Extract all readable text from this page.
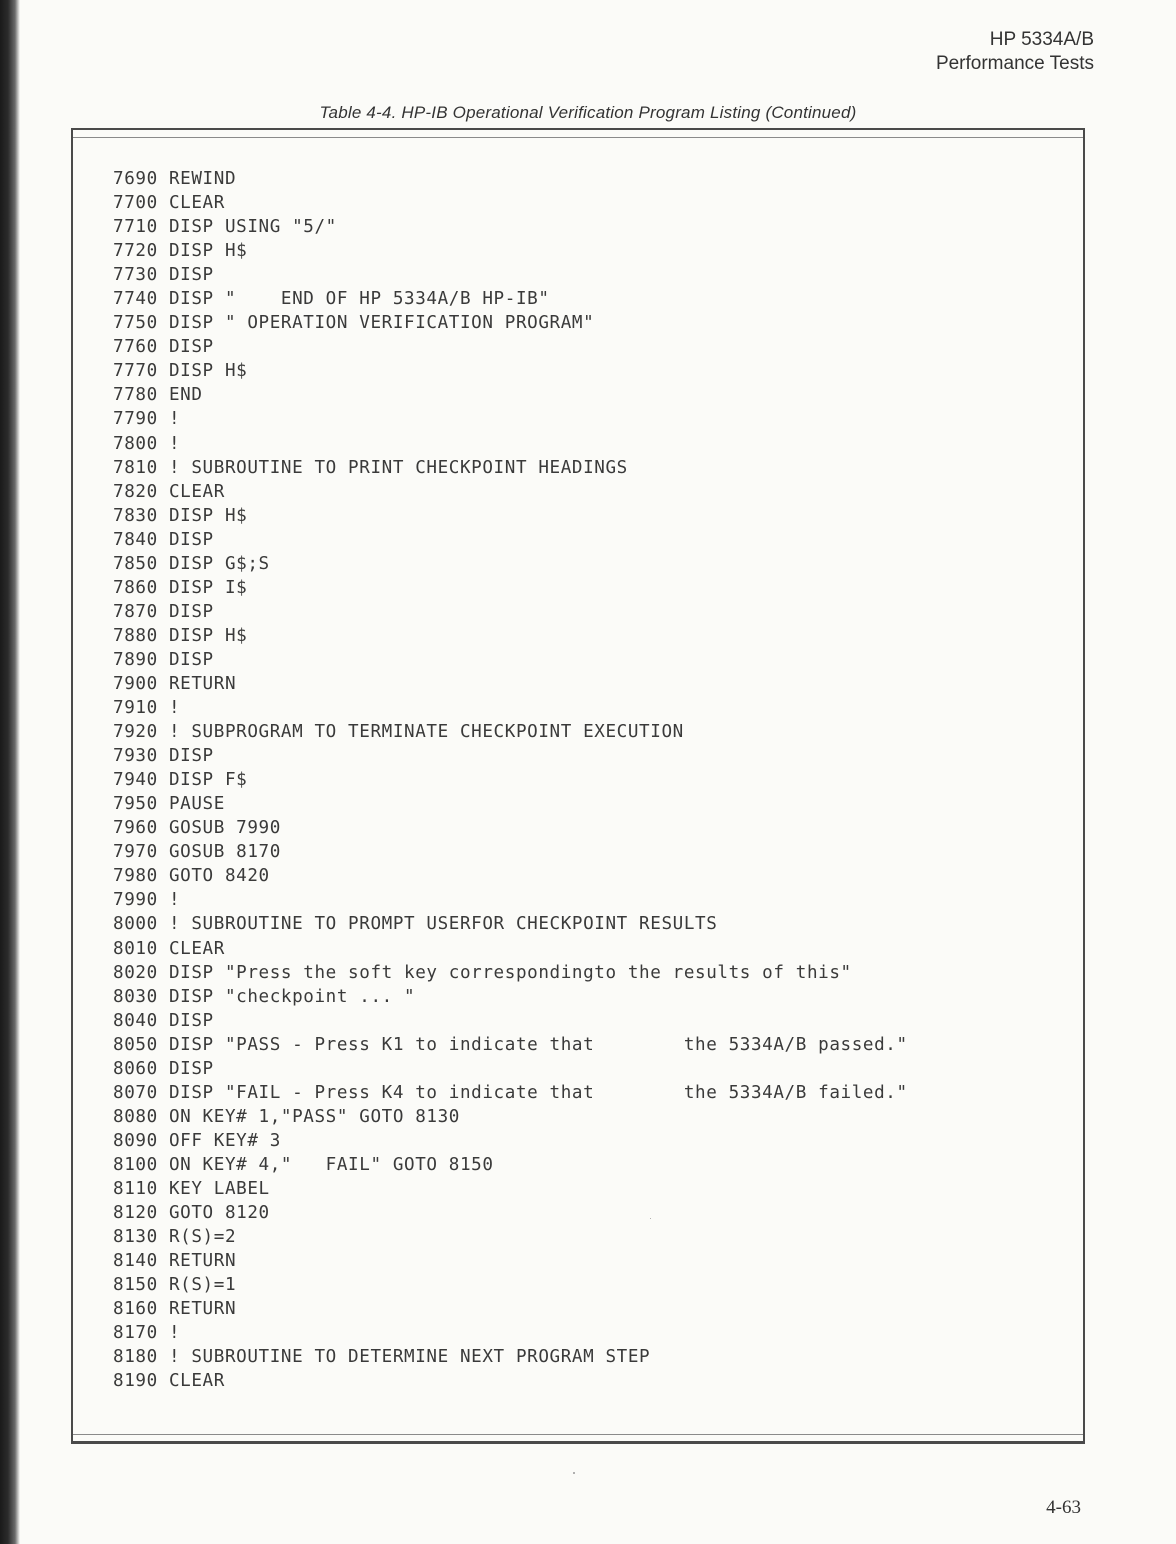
HP 5334A/B
Performance Tests
Table 4-4. HP-IB Operational Verification Program Listing (Continued)
7690 REWIND
7700 CLEAR
7710 DISP USING "5/"
7720 DISP H$
7730 DISP
7740 DISP "    END OF HP 5334A/B HP-IB"
7750 DISP " OPERATION VERIFICATION PROGRAM"
7760 DISP
7770 DISP H$
7780 END
7790 !
7800 !
7810 ! SUBROUTINE TO PRINT CHECKPOINT HEADINGS
7820 CLEAR
7830 DISP H$
7840 DISP
7850 DISP G$;S
7860 DISP I$
7870 DISP
7880 DISP H$
7890 DISP
7900 RETURN
7910 !
7920 ! SUBPROGRAM TO TERMINATE CHECKPOINT EXECUTION
7930 DISP
7940 DISP F$
7950 PAUSE
7960 GOSUB 7990
7970 GOSUB 8170
7980 GOTO 8420
7990 !
8000 ! SUBROUTINE TO PROMPT USERFOR CHECKPOINT RESULTS
8010 CLEAR
8020 DISP "Press the soft key correspondingto the results of this"
8030 DISP "checkpoint ... "
8040 DISP
8050 DISP "PASS - Press K1 to indicate that        the 5334A/B passed."
8060 DISP
8070 DISP "FAIL - Press K4 to indicate that        the 5334A/B failed."
8080 ON KEY# 1,"PASS" GOTO 8130
8090 OFF KEY# 3
8100 ON KEY# 4,"   FAIL" GOTO 8150
8110 KEY LABEL
8120 GOTO 8120
8130 R(S)=2
8140 RETURN
8150 R(S)=1
8160 RETURN
8170 !
8180 ! SUBROUTINE TO DETERMINE NEXT PROGRAM STEP
8190 CLEAR
4-63
